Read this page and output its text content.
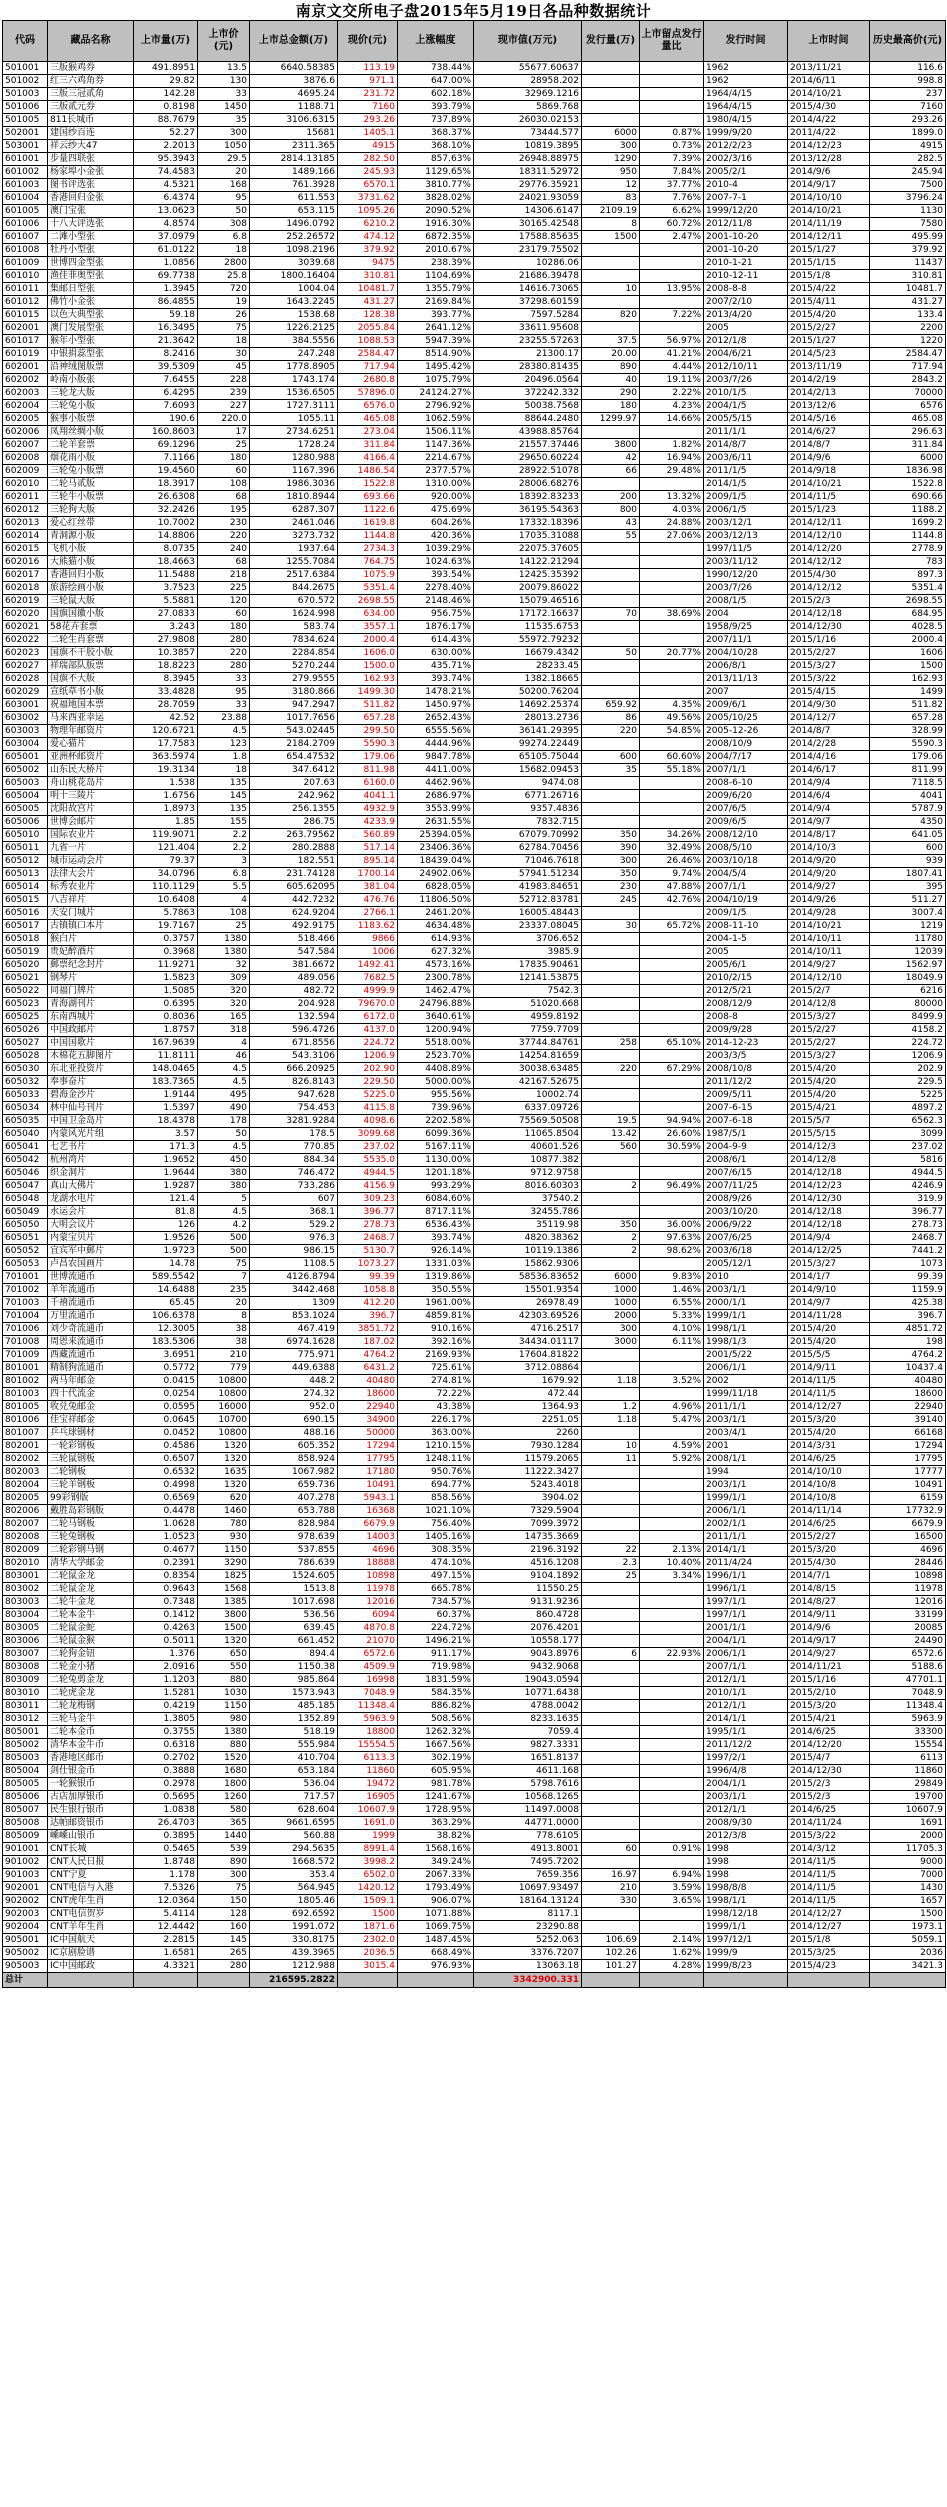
南京文交所电子盘2015年5月19日各品种数据统计
代码	藏品名称	上市量(万)	上市价(元)	上市总金额(万)	现价(元)	上涨幅度	现市值(万元)	发行量(万)	上市留点发行量比	发行时间	上市时间	历史最高价(元)
501001	三版猴鸡券	491.8951	13.5	6640.58385	113.19	738.44%	55677.60637			1962	2013/11/21	116.6
501002	红三六鸡角券	29.82	130	3876.6	971.1	647.00%	28958.202			1962	2014/6/11	998.8
501003	三版三冠贰角	142.28	33	4695.24	231.72	602.18%	32969.1216			1964/4/15	2014/10/21	237
501006	三版贰元券	0.8198	1450	1188.71	7160	393.79%	5869.768			1964/4/15	2015/4/30	7160
501005	811长城币	88.7679	35	3106.6315	293.26	737.89%	26030.02153			1980/4/15	2014/4/22	293.26
502001	建国纱百连	52.27	300	15681	1405.1	368.37%	73444.577	6000	0.87%	1999/9/20	2011/4/22	1899.0
503001	祥云纱大47	2.2013	1050	2311.365	4915	368.10%	10819.3895	300	0.73%	2012/2/23	2014/12/23	4915
601001	步量四联张	95.3943	29.5	2814.13185	282.50	857.63%	26948.88975	1290	7.39%	2002/3/16	2013/12/28	282.5
601002	杨家埠小金张	74.4583	20	1489.166	245.93	1129.65%	18311.52972	950	7.84%	2005/2/1	2014/9/6	245.94
601003	图书评选张	4.5321	168	761.3928	6570.1	3810.77%	29776.35921	12	37.77%	2010-4	2014/9/17	7500
601004	香港回归金张	6.4374	95	611.553	3731.62	3828.02%	24021.93059	83	7.76%	2007-7-1	2014/10/10	3796.24
601005	澳门宝张	13.0623	50	653.115	1095.26	2090.52%	14306.6147	2109.19	6.62%	1999/12/20	2014/10/21	1130
601006	十八大评选张	4.8574	308	1496.0792	6210.2	1916.30%	30165.42548	8	60.72%	2012/11/8	2014/11/19	7580
601007	二滩小型张	37.0979	6.8	252.26572	474.12	6872.35%	17588.85635	1500	2.47%	2001-10-20	2014/12/11	495.99
601008	牡丹小型张	61.0122	18	1098.2196	379.92	2010.67%	23179.75502			2001-10-20	2015/1/27	379.92
601009	世博四金型张	1.0856	2800	3039.68	9475	238.39%	10286.06			2010-1-21	2015/1/15	11437
601010	渔佳菲奥型张	69.7738	25.8	1800.16404	310.81	1104.69%	21686.39478			2010-12-11	2015/1/8	310.81
601011	集邮日型张	1.3945	720	1004.04	10481.7	1355.79%	14616.73065	10	13.95%	2008-8-8	2015/4/22	10481.7
601012	佛竹小金张	86.4855	19	1643.2245	431.27	2169.84%	37298.60159			2007/2/10	2015/4/11	431.27
601015	以色大典型张	59.18	26	1538.68	128.38	393.77%	7597.5284	820	7.22%	2013/4/20	2015/4/20	133.4
602001	澳门发展型张	16.3495	75	1226.2125	2055.84	2641.12%	33611.95608			2005	2015/2/27	2200
601017	猴年小型张	21.3642	18	384.5556	1088.53	5947.39%	23255.57263	37.5	56.97%	2012/1/8	2015/1/27	1220
601019	中银捐蕊型张	8.2416	30	247.248	2584.47	8514.90%	21300.17	20.00	41.21%	2004/6/21	2014/5/23	2584.47
602001	沿神绒图版票	39.5309	45	1778.8905	717.94	1495.42%	28380.81435	890	4.44%	2012/10/11	2013/11/19	717.94
602002	岭南小版张	7.6455	228	1743.174	2680.8	1075.79%	20496.0564	40	19.11%	2003/7/26	2014/2/19	2843.2
602003	三轮龙大版	6.4295	239	1536.6505	57896.0	24124.27%	372242.332	290	2.22%	2010/1/5	2014/2/13	70000
602004	三轮兔小版	7.6093	227	1727.3111	6576.0	2796.92%	50038.7568	180	4.23%	2004/1/5	2013/12/6	6576
602005	猴事小版票	190.6	220.0	1055.11	465.08	1062.59%	88644.2480	1299.97	14.66%	2005/5/15	2014/5/16	465.08
602006	凤翔丝绸小版	160.8603	17	2734.6251	273.04	1506.11%	43988.85764			2011/1/1	2014/6/27	296.63
602007	二轮羊套票	69.1296	25	1728.24	311.84	1147.36%	21557.37446	3800	1.82%	2014/8/7	2014/8/7	311.84
602008	烟花雨小版	7.1166	180	1280.988	4166.4	2214.67%	29650.60224	42	16.94%	2003/6/11	2014/9/6	6000
602009	三轮兔小版票	19.4560	60	1167.396	1486.54	2377.57%	28922.51078	66	29.48%	2011/1/5	2014/9/18	1836.98
602010	二轮马贰版	18.3917	108	1986.3036	1522.8	1310.00%	28006.68276			2014/1/5	2014/10/21	1522.8
602011	三轮牛小版票	26.6308	68	1810.8944	693.66	920.00%	18392.83233	200	13.32%	2009/1/5	2014/11/5	690.66
602012	三轮狗大版	32.2426	195	6287.307	1122.6	475.69%	36195.54363	800	4.03%	2006/1/5	2015/1/23	1188.2
602013	爱心红丝带	10.7002	230	2461.046	1619.8	604.26%	17332.18396	43	24.88%	2003/12/1	2014/12/11	1699.2
602014	青洞源小版	14.8806	220	3273.732	1144.8	420.36%	17035.31088	55	27.06%	2003/12/13	2014/12/10	1144.8
602015	飞机小版	8.0735	240	1937.64	2734.3	1039.29%	22075.37605			1997/11/5	2014/12/20	2778.9
602016	大熊猫小版	18.4663	68	1255.7084	764.75	1024.63%	14122.21294			2003/11/12	2014/12/12	783
602017	香港回归小版	11.5488	218	2517.6384	1075.9	393.54%	12425.35392			1990/12/20	2015/4/30	897.3
602018	旅游绘画小版	3.7523	225	844.2675	5351.4	2278.40%	20079.86022			2003/7/26	2014/12/12	5351.4
602019	三轮鼠大版	5.5881	120	670.572	2698.55	2148.46%	15079.46516			2008/1/5	2015/2/3	2698.55
602020	国旗国徽小版	27.0833	60	1624.998	634.00	956.75%	17172.16637	70	38.69%	2004	2014/12/18	684.95
602021	58花卉套票	3.243	180	583.74	3557.1	1876.17%	11535.6753			1958/9/25	2014/12/30	4028.5
602022	二轮生肖套票	27.9808	280	7834.624	2000.4	614.43%	55972.79232			2007/11/1	2015/1/16	2000.4
602023	国旗不干胶小版	10.3857	220	2284.854	1606.0	630.00%	16679.4342	50	20.77%	2004/10/28	2015/2/27	1606
602027	祥瑞部队版票	18.8223	280	5270.244	1500.0	435.71%	28233.45			2006/8/1	2015/3/27	1500
602028	国旗不大版	8.3945	33	279.9555	162.93	393.74%	1382.18665			2013/11/13	2015/3/22	162.93
602029	宣纸草书小版	33.4828	95	3180.866	1499.30	1478.21%	50200.76204			2007	2015/4/15	1499
603001	祝福地国本票	28.7059	33	947.2947	511.82	1450.97%	14692.25374	659.92	4.35%	2009/6/1	2014/9/30	511.82
603002	马来西亚幸运	42.52	23.88	1017.7656	657.28	2652.43%	28013.2736	86	49.56%	2005/10/25	2014/12/7	657.28
603003	物理年邮资片	120.6721	4.5	543.02445	299.50	6555.56%	36141.29395	220	54.85%	2005-12-26	2014/8/7	328.99
603004	爱心猫片	17.7583	123	2184.2709	5590.3	4444.96%	99274.22449			2008/10/9	2014/2/28	5590.3
605001	亚洲杯邮资片	363.5974	1.8	654.47532	179.06	9847.78%	65105.75044	600	60.60%	2004/7/17	2014/4/16	179.06
605002	山东民大桥片	19.3134	18	347.6412	811.98	4411.00%	15682.09453	35	55.18%	2007/1/1	2014/6/17	811.99
605003	舟山桃花岛片	1.538	135	207.63	6160.0	4462.96%	9474.08			2008-6-10	2014/9/4	7118.5
605004	明十三陵片	1.6756	145	242.962	4041.1	2686.97%	6771.26716			2009/6/20	2014/6/4	4041
605005	沈阳故宫片	1.8973	135	256.1355	4932.9	3553.99%	9357.4836			2007/6/5	2014/9/4	5787.9
605006	世博会邮片	1.85	155	286.75	4233.9	2631.55%	7832.715			2009/6/5	2014/9/7	4350
605010	国际农业片	119.9071	2.2	263.79562	560.89	25394.05%	67079.70992	350	34.26%	2008/12/10	2014/8/17	641.05
605011	九省一片	121.404	2.2	280.2888	517.14	23406.36%	62784.70456	390	32.49%	2008/5/10	2014/10/3	600
605012	城市运动会片	79.37	3	182.551	895.14	18439.04%	71046.7618	300	26.46%	2003/10/18	2014/9/20	939
605013	法律大会片	34.0796	6.8	231.74128	1700.14	24902.06%	57941.51234	350	9.74%	2004/5/4	2014/9/20	1807.41
605014	标秀农业片	110.1129	5.5	605.62095	381.04	6828.05%	41983.84651	230	47.88%	2007/1/1	2014/9/27	395
605015	八吉祥片	10.6408	4	442.7232	476.76	11806.50%	52712.83781	245	42.76%	2004/10/19	2014/9/26	511.27
605016	天安门城片	5.7863	108	624.9204	2766.1	2461.20%	16005.48443			2009/1/5	2014/9/28	3007.4
605017	古镇镇口本片	19.7167	25	492.9175	1183.62	4634.48%	23337.08045	30	65.72%	2008-11-10	2014/10/21	1219
605018	猴白片	0.3757	1380	518.466	9866	614.93%	3706.652			2004-1-5	2014/10/11	11780
605019	贵妃醉酒片	0.3968	1380	547.584	1006	627.32%	3985.9			2005	2014/10/11	12039
605020	郵票纪念封片	11.9271	32	381.6672	1492.41	4573.16%	17835.90461			2005/6/1	2014/9/27	1562.97
605021	钢琴片	1.5823	309	489.056	7682.5	2300.78%	12141.53875			2010/2/15	2014/12/10	18049.9
605022	同福门牌片	1.5085	320	482.72	4999.9	1462.47%	7542.3			2012/5/21	2015/2/7	6216
605023	青海湖刊片	0.6395	320	204.928	79670.0	24796.88%	51020.668			2008/12/9	2014/12/8	80000
605025	东南西城片	0.8036	165	132.594	6172.0	3640.61%	4959.8192			2008-8	2015/3/27	8499.9
605026	中国政邮片	1.8757	318	596.4726	4137.0	1200.94%	7759.7709			2009/9/28	2015/2/27	4158.2
605027	中国国歌片	167.9639	4	671.8556	224.72	5518.00%	37744.84761	258	65.10%	2014-12-23	2015/2/27	224.72
605028	木棉花五脚图片	11.8111	46	543.3106	1206.9	2523.70%	14254.81659			2003/3/5	2015/3/27	1206.9
605030	东北亚投资片	148.0465	4.5	666.20925	202.90	4408.89%	30038.63485	220	67.29%	2008/10/8	2015/4/20	202.9
605032	奉事奋片	183.7365	4.5	826.8143	229.50	5000.00%	42167.52675			2011/12/2	2015/4/20	229.5
605033	碧海金沙片	1.9144	495	947.628	5225.0	955.56%	10002.74			2009/5/11	2015/4/20	5225
605034	林中仙号刊片	1.5397	490	754.453	4115.8	739.96%	6337.09726			2007-6-15	2015/4/21	4897.2
605035	中国卫金岛片	18.4378	178	3281.9284	4098.6	2202.58%	75569.50508	19.5	94.94%	2007-6-18	2015/5/7	6562.3
605040	内蒙风光片组	3.57	50	178.5	3099.68	6099.36%	11065.8504	13.42	26.60%	1987/5/1	2015/5/15	3099
605041	七艺书片	171.3	4.5	770.85	237.02	5167.11%	40601.526	560	30.59%	2004-9-9	2014/12/3	237.02
605042	杭州湾片	1.9652	450	884.34	5535.0	1130.00%	10877.382			2008/6/1	2014/12/8	5816
605046	织金洞片	1.9644	380	746.472	4944.5	1201.18%	9712.9758			2007/6/15	2014/12/18	4944.5
605047	真山大佛片	1.9287	380	733.286	4156.9	993.29%	8016.60303	2	96.49%	2007/11/25	2014/12/23	4246.9
605048	龙湖水电片	121.4	5	607	309.23	6084.60%	37540.2			2008/9/26	2014/12/30	319.9
605049	水运会片	81.8	4.5	368.1	396.77	8717.11%	32455.786			2003/10/20	2014/12/18	396.77
605050	大明会议片	126	4.2	529.2	278.73	6536.43%	35119.98	350	36.00%	2006/9/22	2014/12/18	278.73
605051	内蒙宝贝片	1.9526	500	976.3	2468.7	393.74%	4820.38362	2	97.63%	2007/6/25	2014/9/4	2468.7
605052	宜宾军中郵片	1.9723	500	986.15	5130.7	926.14%	10119.1386	2	98.62%	2003/6/18	2014/12/25	7441.2
605053	卢昌农国画片	14.78	75	1108.5	1073.27	1331.03%	15862.9306			2005/12/1	2015/3/27	1073
701001	世博流通币	589.5542	7	4126.8794	99.39	1319.86%	58536.83652	6000	9.83%	2010	2014/1/7	99.39
701002	羊年流通币	14.6488	235	3442.468	1058.8	350.55%	15501.9354	1000	1.46%	2003/1/1	2014/9/10	1159.9
701003	千禧流通币	65.45	20	1309	412.20	1961.00%	26978.49	1000	6.55%	2000/1/1	2014/9/7	425.38
701004	万里流通币	106.6378	8	853.1024	396.7	4859.81%	42303.69526	2000	5.33%	1999/1/1	2014/11/28	396.7
701006	刘少奇流通币	12.3005	38	467.419	3851.72	910.16%	4716.2517	300	4.10%	1998/1/1	2015/4/20	4851.72
701008	周恩来流通币	183.5306	38	6974.1628	187.02	392.16%	34434.01117	3000	6.11%	1998/1/3	2015/4/20	198
701009	西藏流通币	3.6951	210	775.971	4764.2	2169.93%	17604.81822			2001/5/22	2015/5/5	4764.2
801001	精制狗流通币	0.5772	779	449.6388	6431.2	725.61%	3712.08864			2006/1/1	2014/9/11	10437.4
801002	两马年邮金	0.0415	10800	448.2	40480	274.81%	1679.92	1.18	3.52%	2002	2014/11/5	40480
801003	四十代流金	0.0254	10800	274.32	18600	72.22%	472.44			1999/11/18	2014/11/5	18600
801005	收兑兔邮金	0.0595	16000	952.0	22940	43.38%	1364.93	1.2	4.96%	2011/1/1	2014/12/27	22940
801006	佳宝祥邮金	0.0645	10700	690.15	34900	226.17%	2251.05	1.18	5.47%	2003/1/1	2015/3/20	39140
801007	乒乓球钢材	0.0452	10800	488.16	50000	363.00%	2260			2003/4/1	2015/4/20	66168
802001	一轮彩钢板	0.4586	1320	605.352	17294	1210.15%	7930.1284	10	4.59%	2001	2014/3/31	17294
802002	三轮鼠钢板	0.6507	1320	858.924	17795	1248.11%	11579.2065	11	5.92%	2008/1/1	2014/6/25	17795
802003	二轮钢板	0.6532	1635	1067.982	17180	950.76%	11222.3427			1994	2014/10/10	17777
802004	三轮羊钢板	0.4998	1320	659.736	10491	694.77%	5243.4018			2003/1/1	2014/10/8	10491
802005	99彩钢版	0.6569	620	407.278	5943.1	858.56%	3904.02			1999/1/1	2014/10/8	6159
802006	戴胜岛彩钢版	0.4478	1460	653.788	16368	1021.10%	7329.5904			2006/1/1	2014/11/14	17732.9
802007	二轮马钢板	1.0628	780	828.984	6679.9	756.40%	7099.3972			2002/1/1	2014/6/25	6679.9
802008	三轮兔钢板	1.0523	930	978.639	14003	1405.16%	14735.3669			2011/1/1	2015/2/27	16500
802009	二轮彩钢马钢	0.4677	1150	537.855	4696	308.35%	2196.3192	22	2.13%	2014/1/1	2015/3/20	4696
802010	清华大学邮金	0.2391	3290	786.639	18888	474.10%	4516.1208	2.3	10.40%	2011/4/24	2015/4/30	28446
803001	二轮鼠金龙	0.8354	1825	1524.605	10898	497.15%	9104.1892	25	3.34%	1996/1/1	2014/7/1	10898
803002	二轮鼠金龙	0.9643	1568	1513.8	11978	665.78%	11550.25			1996/1/1	2014/8/15	11978
803003	二轮牛金龙	0.7348	1385	1017.698	12016	734.57%	9131.9236			1997/1/1	2014/8/27	12016
803004	二轮本金牛	0.1412	3800	536.56	6094	60.37%	860.4728			1997/1/1	2014/9/11	33199
803005	二轮鼠金蛇	0.4263	1500	639.45	4870.8	224.72%	2076.4201			2001/1/1	2014/9/6	20085
803006	二轮鼠金猴	0.5011	1320	661.452	21070	1496.21%	10558.177			2004/1/1	2014/9/17	24490
803007	二轮狗金钮	1.376	650	894.4	6572.6	911.17%	9043.8976	6	22.93%	2006/1/1	2014/9/27	6572.6
803008	二轮金小猪	2.0916	550	1150.38	4509.9	719.98%	9432.9068			2007/1/1	2014/11/21	5188.6
803009	二轮兔剪金龙	1.1203	880	985.864	16998	1831.59%	19043.0594			2012/1/1	2015/1/16	47701.1
803010	二轮虎金龙	1.5281	1030	1573.943	7048.9	584.35%	10771.6438			2010/1/1	2015/2/10	7048.9
803011	二轮龙梅钢	0.4219	1150	485.185	11348.4	886.82%	4788.0042			2012/1/1	2015/3/20	11348.4
803012	三轮马金牛	1.3805	980	1352.89	5963.9	508.56%	8233.1635			2014/1/1	2015/4/21	5963.9
805001	二轮本金币	0.3755	1380	518.19	18800	1262.32%	7059.4			1995/1/1	2014/6/25	33300
805002	清华本金牛币	0.6318	880	555.984	15554.5	1667.56%	9827.3331			2011/12/2	2014/12/20	15554
805003	香港地区邮币	0.2702	1520	410.704	6113.3	302.19%	1651.8137			1997/2/1	2015/4/7	6113
805004	剑仕银金币	0.3888	1680	653.184	11860	605.95%	4611.168			1996/4/8	2014/12/30	11860
805005	一轮猴银币	0.2978	1800	536.04	19472	981.78%	5798.7616			2004/1/1	2015/2/3	29849
805006	古店加厚银币	0.5695	1260	717.57	16905	1241.67%	10568.1265			2003/1/1	2015/2/3	19700
805007	民生银行银币	1.0838	580	628.604	10607.9	1728.95%	11497.0008			2012/1/1	2014/6/25	10607.9
805008	达帕邮资银币	26.4703	365	9661.6595	1691.0	363.29%	44771.0000			2008/9/30	2014/11/24	1691
805009	嵊嵊山银币	0.3895	1440	560.88	1999	38.82%	778.6105			2012/3/8	2015/3/22	2000
901001	CNT长城	0.5465	539	294.5635	8991.4	1568.16%	4913.8001	60	0.91%	1998	2014/3/12	11705.3
901002	CNT人民日报	1.8748	890	1668.572	3998.2	349.24%	7495.7202			1998	2014/11/5	9000
901003	CNT宁夏	1.178	300	353.4	6502.0	2067.33%	7659.356	16.97	6.94%	1998	2014/11/5	7000
902001	CNT电信与入港	7.5326	75	564.945	1420.12	1793.49%	10697.93497	210	3.59%	1998/8/8	2014/11/5	1430
902002	CNT虎年生肖	12.0364	150	1805.46	1509.1	906.07%	18164.13124	330	3.65%	1998/1/1	2014/11/5	1657
902003	CNT电信贺岁	5.4114	128	692.6592	1500	1071.88%	8117.1			1998/12/18	2014/12/27	1500
902004	CNT羊年生肖	12.4442	160	1991.072	1871.6	1069.75%	23290.88			1999/1/1	2014/12/27	1973.1
905001	IC中国航天	2.2815	145	330.8175	2302.0	1487.45%	5252.063	106.69	2.14%	1997/12/1	2015/1/8	5059.1
905002	IC京剧脸谱	1.6581	265	439.3965	2036.5	668.49%	3376.7207	102.26	1.62%	1999/9	2015/3/25	2036
905003	IC中国邮政	4.3321	280	1212.988	3015.4	976.93%	13063.18	101.27	4.28%	1999/8/23	2015/4/23	3421.3
总计				216595.2822			3342900.331					
